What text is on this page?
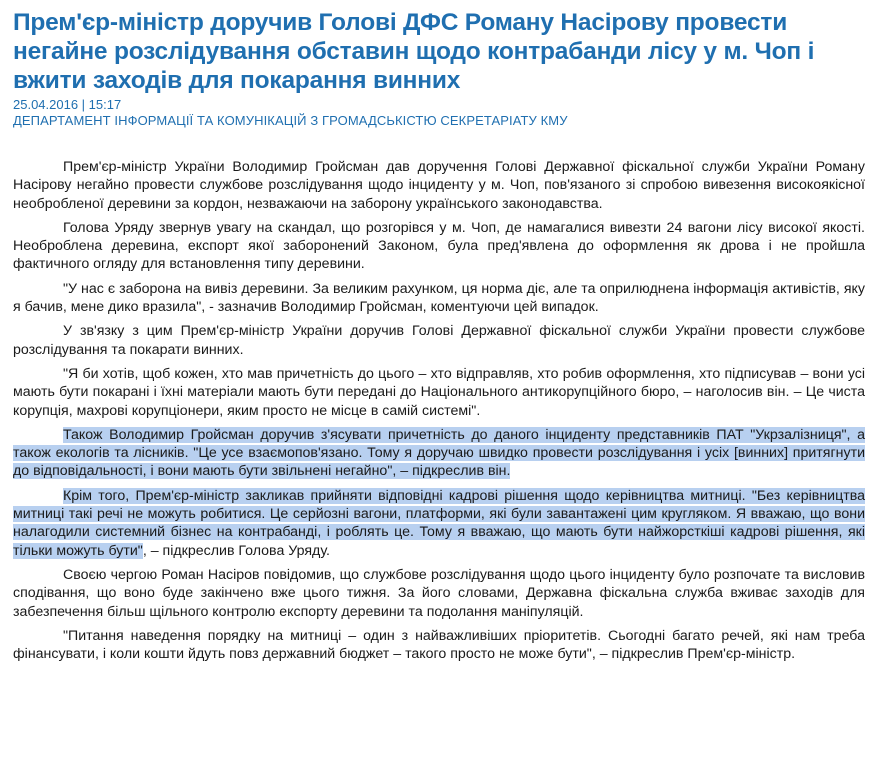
Прем'єр-міністр доручив Голові ДФС Роману Насірову провести негайне розслідування обставин щодо контрабанди лісу у м. Чоп і вжити заходів для покарання винних
25.04.2016 | 15:17
ДЕПАРТАМЕНТ ІНФОРМАЦІЇ ТА КОМУНІКАЦІЙ З ГРОМАДСЬКІСТЮ СЕКРЕТАРІАТУ КМУ

Прем'єр-міністр України Володимир Гройсман дав доручення Голові Державної фіскальної служби України Роману Насірову негайно провести службове розслідування щодо інциденту у м. Чоп, пов'язаного зі спробою вивезення високоякісної необробленої деревини за кордон, незважаючи на заборону українського законодавства.

Голова Уряду звернув увагу на скандал, що розгорівся у м. Чоп, де намагалися вивезти 24 вагони лісу високої якості. Необроблена деревина, експорт якої заборонений Законом, була пред'явлена до оформлення як дрова і не пройшла фактичного огляду для встановлення типу деревини.

"У нас є заборона на вивіз деревини. За великим рахунком, ця норма діє, але та оприлюднена інформація активістів, яку я бачив, мене дико вразила", - зазначив Володимир Гройсман, коментуючи цей випадок.

У зв'язку з цим Прем'єр-міністр України доручив Голові Державної фіскальної служби України провести службове розслідування та покарати винних.

"Я би хотів, щоб кожен, хто мав причетність до цього – хто відправляв, хто робив оформлення, хто підписував – вони усі мають бути покарані і їхні матеріали мають бути передані до Національного антикорупційного бюро, – наголосив він. – Це чиста корупція, махрові корупціонери, яким просто не місце в самій системі".

Також Володимир Гройсман доручив з'ясувати причетність до даного інциденту представників ПАТ "Укрзалізниця", а також екологів та лісників. "Це усе взаємопов'язано. Тому я доручаю швидко провести розслідування і усіх [винних] притягнути до відповідальності, і вони мають бути звільнені негайно", – підкреслив він.

Крім того, Прем'єр-міністр закликав прийняти відповідні кадрові рішення щодо керівництва митниці. "Без керівництва митниці такі речі не можуть робитися. Це серйозні вагони, платформи, які були завантажені цим кругляком. Я вважаю, що вони налагодили системний бізнес на контрабанді, і роблять це. Тому я вважаю, що мають бути найжорсткіші кадрові рішення, які тільки можуть бути", – підкреслив Голова Уряду.

Своєю чергою Роман Насіров повідомив, що службове розслідування щодо цього інциденту було розпочате та висловив сподівання, що воно буде закінчено вже цього тижня. За його словами, Державна фіскальна служба вживає заходів для забезпечення більш щільного контролю експорту деревини та подолання маніпуляцій.

"Питання наведення порядку на митниці – один з найважливіших пріоритетів. Сьогодні багато речей, які нам треба фінансувати, і коли кошти йдуть повз державний бюджет – такого просто не може бути", – підкреслив Прем'єр-міністр.
